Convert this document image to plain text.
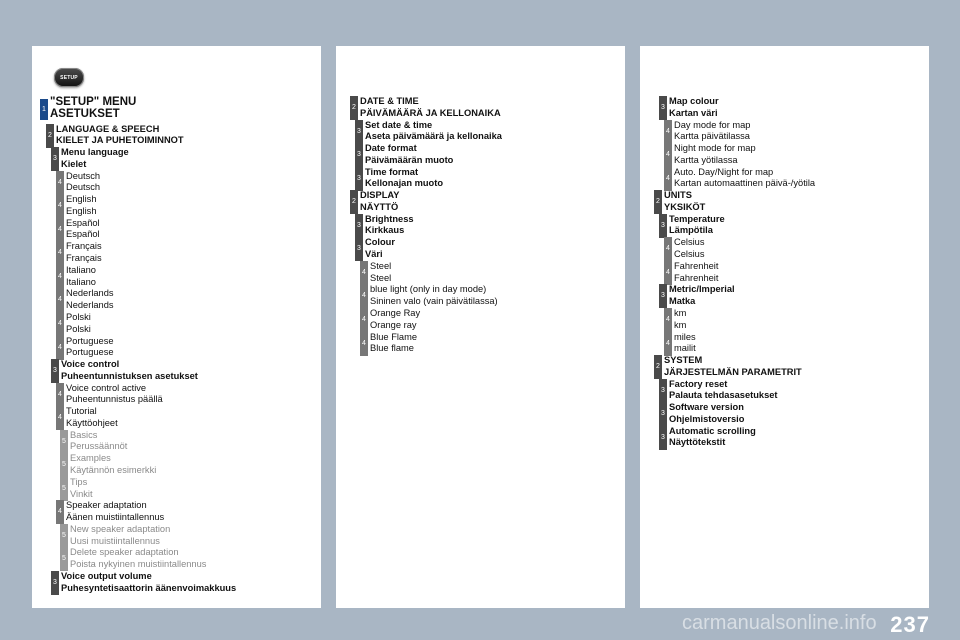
SETUP
1
"SETUP" MENU
ASETUKSET
2
LANGUAGE & SPEECH
KIELET JA PUHETOIMINNOT
3
Menu language
Kielet
4
Deutsch
Deutsch
4
English
English
4
Español
Español
4
Français
Français
4
Italiano
Italiano
4
Nederlands
Nederlands
4
Polski
Polski
4
Portuguese
Portuguese
3
Voice control
Puheentunnistuksen asetukset
4
Voice control active
Puheentunnistus päällä
4
Tutorial
Käyttöohjeet
5
Basics
Perussäännöt
5
Examples
Käytännön esimerkki
5
Tips
Vinkit
4
Speaker adaptation
Äänen muistiintallennus
5
New speaker adaptation
Uusi muistiintallennus
5
Delete speaker adaptation
Poista nykyinen muistiintallennus
3
Voice output volume
Puhesyntetisaattorin äänenvoimakkuus
2
DATE & TIME
PÄIVÄMÄÄRÄ JA KELLONAIKA
3
Set date & time
Aseta päivämäärä ja kellonaika
3
Date format
Päivämäärän muoto
3
Time format
Kellonajan muoto
2
DISPLAY
NÄYTTÖ
3
Brightness
Kirkkaus
3
Colour
Väri
4
Steel
Steel
4
blue light (only in day mode)
Sininen valo (vain päivätilassa)
4
Orange Ray
Orange ray
4
Blue Flame
Blue flame
3
Map colour
Kartan väri
4
Day mode for map
Kartta päivätilassa
4
Night mode for map
Kartta yötilassa
4
Auto. Day/Night for map
Kartan automaattinen päivä-/yötila
2
UNITS
YKSIKÖT
3
Temperature
Lämpötila
4
Celsius
Celsius
4
Fahrenheit
Fahrenheit
3
Metric/Imperial
Matka
4
km
km
4
miles
mailit
2
SYSTEM
JÄRJESTELMÄN PARAMETRIT
3
Factory reset
Palauta tehdasasetukset
3
Software version
Ohjelmistoversio
3
Automatic scrolling
Näyttötekstit
237
carmanualsonline.info
